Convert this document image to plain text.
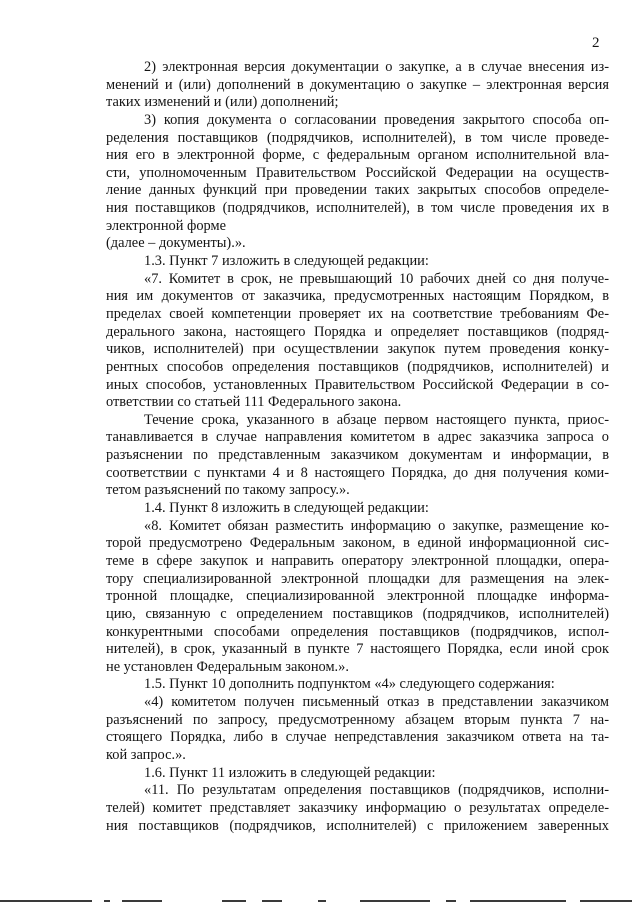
2
2) электронная версия документации о закупке, а в случае внесения из-
менений и (или) дополнений в документацию о закупке – электронная версия
таких изменений и (или) дополнений;
3) копия документа о согласовании проведения закрытого способа оп-
ределения поставщиков (подрядчиков, исполнителей), в том числе проведе-
ния его в электронной форме, с федеральным органом исполнительной вла-
сти, уполномоченным Правительством Российской Федерации на осуществ-
ление данных функций при проведении таких закрытых способов определе-
ния поставщиков (подрядчиков, исполнителей), в том числе проведения их в
электронной форме
(далее – документы).».
1.3. Пункт 7 изложить в следующей редакции:
«7. Комитет в срок, не превышающий 10 рабочих дней со дня получе-
ния им документов от заказчика, предусмотренных настоящим Порядком, в
пределах своей компетенции проверяет их на соответствие требованиям Фе-
дерального закона, настоящего Порядка и определяет поставщиков (подряд-
чиков, исполнителей) при осуществлении закупок путем проведения конку-
рентных способов определения поставщиков (подрядчиков, исполнителей) и
иных способов, установленных Правительством Российской Федерации в со-
ответствии со статьей 111 Федерального закона.
Течение срока, указанного в абзаце первом настоящего пункта, приос-
танавливается в случае направления комитетом в адрес заказчика запроса о
разъяснении по представленным заказчиком документам и информации, в
соответствии с пунктами 4 и 8 настоящего Порядка, до дня получения коми-
тетом разъяснений по такому запросу.».
1.4. Пункт 8 изложить в следующей редакции:
«8. Комитет обязан разместить информацию о закупке, размещение ко-
торой предусмотрено Федеральным законом, в единой информационной сис-
теме в сфере закупок и направить оператору электронной площадки, опера-
тору специализированной электронной площадки для размещения на элек-
тронной площадке, специализированной электронной площадке информа-
цию, связанную с определением поставщиков (подрядчиков, исполнителей)
конкурентными способами определения поставщиков (подрядчиков, испол-
нителей), в срок, указанный в пункте 7 настоящего Порядка, если иной срок
не установлен Федеральным законом.».
1.5. Пункт 10 дополнить подпунктом «4» следующего содержания:
«4) комитетом получен письменный отказ в представлении заказчиком
разъяснений по запросу, предусмотренному абзацем вторым пункта 7 на-
стоящего Порядка, либо в случае непредставления заказчиком ответа на та-
кой запрос.».
1.6. Пункт 11 изложить в следующей редакции:
«11. По результатам определения поставщиков (подрядчиков, исполни-
телей) комитет представляет заказчику информацию о результатах определе-
ния поставщиков (подрядчиков, исполнителей) с приложением заверенных
